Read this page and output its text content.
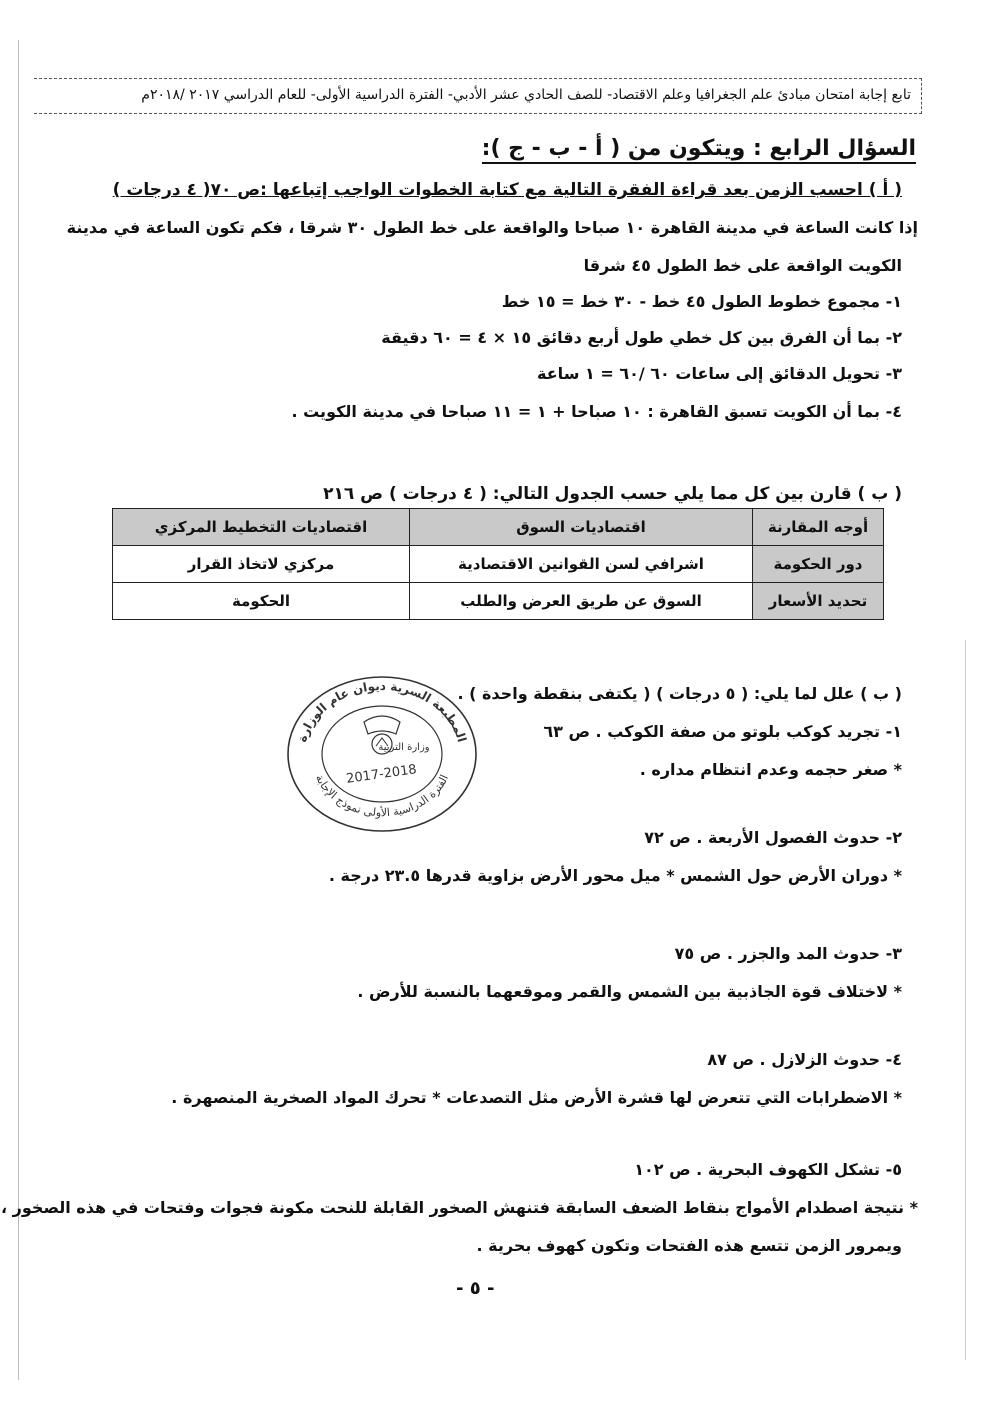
تابع إجابة امتحان مبادئ علم الجغرافيا وعلم الاقتصاد- للصف الحادي عشر الأدبي- الفترة الدراسية الأولى- للعام الدراسي ٢٠١٧ /٢٠١٨م
السؤال الرابع : ويتكون من ( أ - ب - ج ):
( أ ) احسب الزمن بعد قراءة الفقرة التالية مع كتابة الخطوات الواجب إتباعها :ص ٧٠( ٤ درجات )
إذا كانت الساعة في مدينة القاهرة ١٠ صباحا والواقعة على خط الطول ٣٠ شرقا ، فكم تكون الساعة في مدينة
الكويت الواقعة على خط الطول ٤٥ شرقا
١- مجموع خطوط الطول ٤٥ خط - ٣٠ خط = ١٥ خط
٢- بما أن الفرق بين كل خطي طول أربع دقائق ١٥ × ٤ = ٦٠ دقيقة
٣- تحويل الدقائق إلى ساعات ٦٠ /٦٠ = ١ ساعة
٤- بما أن الكويت تسبق القاهرة : ١٠ صباحا + ١ = ١١ صباحا في مدينة الكويت .
( ب ) قارن بين كل مما يلي حسب الجدول التالي: ( ٤ درجات ) ص ٢١٦
أوجه المقارنة	اقتصاديات السوق	اقتصاديات التخطيط المركزي
دور الحكومة	اشرافي لسن القوانين الاقتصادية	مركزي لاتخاذ القرار
تحديد الأسعار	السوق عن طريق العرض والطلب	الحكومة
( ب ) علل لما يلي: ( ٥ درجات ) ( يكتفى بنقطة واحدة ) .
١- تجريد كوكب بلوتو من صفة الكوكب . ص ٦٣
* صغر حجمه وعدم انتظام مداره .
٢- حدوث الفصول الأربعة . ص ٧٢
* دوران الأرض حول الشمس * ميل محور الأرض بزاوية قدرها ٢٣.٥ درجة .
٣- حدوث المد والجزر . ص ٧٥
* لاختلاف قوة الجاذبية بين الشمس والقمر وموقعهما بالنسبة للأرض .
٤- حدوث الزلازل . ص ٨٧
* الاضطرابات التي تتعرض لها قشرة الأرض مثل التصدعات * تحرك المواد الصخرية المنصهرة .
٥- تشكل الكهوف البحرية . ص ١٠٢
* نتيجة اصطدام الأمواج بنقاط الضعف السابقة فتنهش الصخور القابلة للنحت مكونة فجوات وفتحات في هذه الصخور ،
ويمرور الزمن تتسع هذه الفتحات وتكون كهوف بحرية .
المطبعة السرية ديوان عام الوزارة
الفترة الدراسية الأولى نموذج الإجابة
وزارة التربية
2017-2018
- ٥ -
